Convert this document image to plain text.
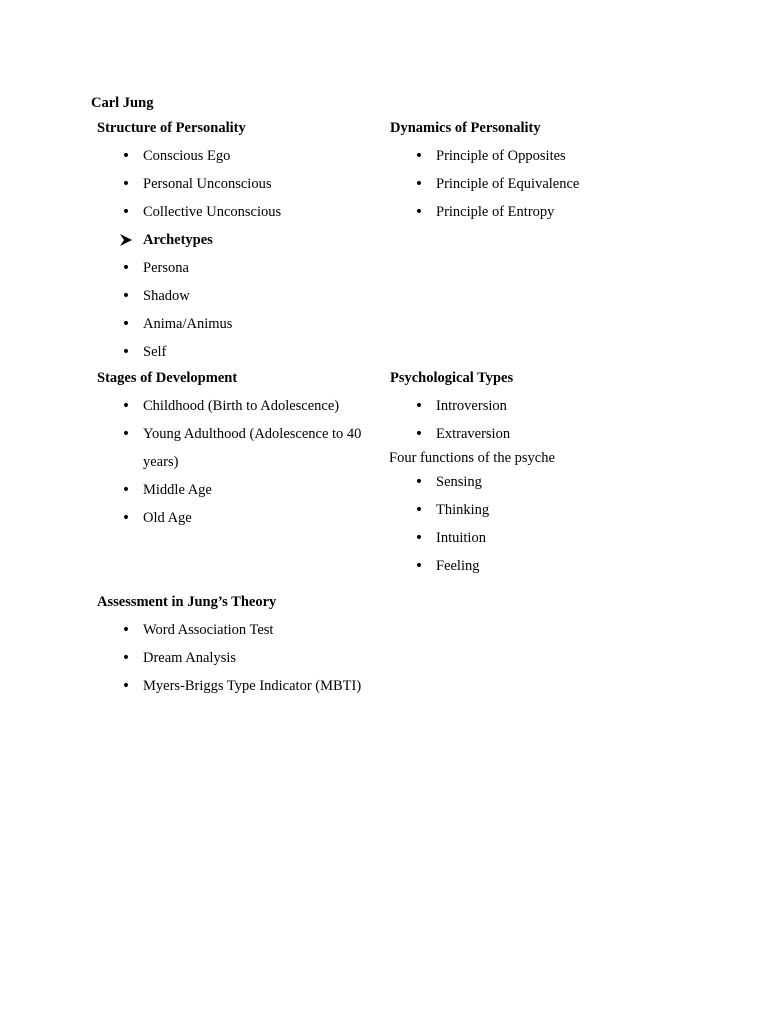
Carl Jung
Structure of Personality
• Conscious Ego
• Personal Unconscious
• Collective Unconscious
Archetypes
• Persona
• Shadow
• Anima/Animus
• Self
Dynamics of Personality
• Principle of Opposites
• Principle of Equivalence
• Principle of Entropy
Stages of Development
• Childhood (Birth to Adolescence)
• Young Adulthood (Adolescence to 40 years)
• Middle Age
• Old Age
Psychological Types
• Introversion
• Extraversion
Four functions of the psyche
• Sensing
• Thinking
• Intuition
• Feeling
Assessment in Jung’s Theory
• Word Association Test
• Dream Analysis
• Myers-Briggs Type Indicator (MBTI)
